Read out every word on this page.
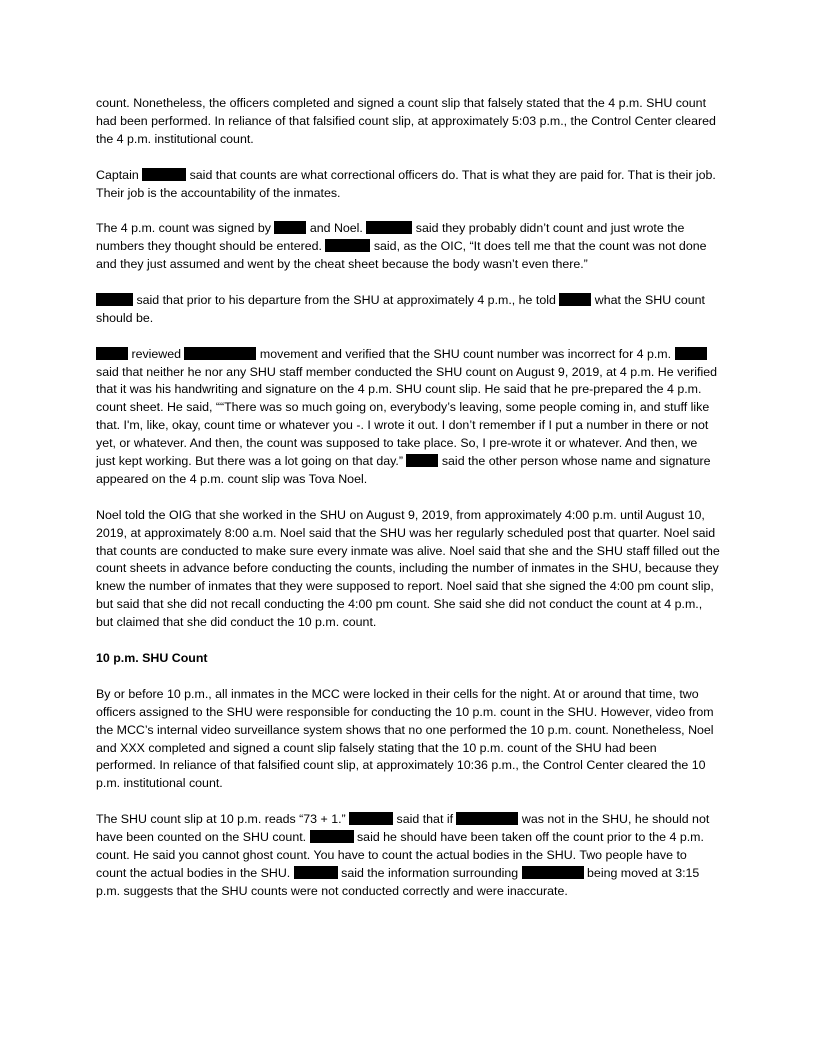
count. Nonetheless, the officers completed and signed a count slip that falsely stated that the 4 p.m. SHU count had been performed. In reliance of that falsified count slip, at approximately 5:03 p.m., the Control Center cleared the 4 p.m. institutional count.

Captain	said that counts are what correctional officers do. That is what they are paid for. That is their job. Their job is the accountability of the inmates.

The 4 p.m. count was signed by	and Noel.	said they probably didn’t count and just wrote the numbers they thought should be entered.	said, as the OIC, “It does tell me that the count was not done and they just assumed and went by the cheat sheet because the body wasn’t even there.”

said that prior to his departure from the SHU at approximately 4 p.m., he told	what the SHU count should be.

reviewed	movement and verified that the SHU count number was incorrect for 4 p.m.  said that neither he nor any SHU staff member conducted the SHU count on August 9, 2019, at 4 p.m. He verified that it was his handwriting and signature on the 4 p.m. SHU count slip. He said that he pre-prepared the 4 p.m. count sheet. He said, ““There was so much going on, everybody’s leaving, some people coming in, and stuff like that. I'm, like, okay, count time or whatever you -. I wrote it out. I don’t remember if I put a number in there or not yet, or whatever. And then, the count was supposed to take place. So, I pre-wrote it or whatever. And then, we just kept working. But there was a lot going on that day.”	said the other person whose name and signature appeared on the 4 p.m. count slip was Tova Noel.

Noel told the OIG that she worked in the SHU on August 9, 2019, from approximately 4:00 p.m. until August 10, 2019, at approximately 8:00 a.m. Noel said that the SHU was her regularly scheduled post that quarter. Noel said that counts are conducted to make sure every inmate was alive. Noel said that she and the SHU staff filled out the count sheets in advance before conducting the counts, including the number of inmates in the SHU, because they knew the number of inmates that they were supposed to report. Noel said that she signed the 4:00 pm count slip, but said that she did not recall conducting the 4:00 pm count. She said she did not conduct the count at 4 p.m., but claimed that she did conduct the 10 p.m. count.

10 p.m. SHU Count

By or before 10 p.m., all inmates in the MCC were locked in their cells for the night. At or around that time, two officers assigned to the SHU were responsible for conducting the 10 p.m. count in the SHU. However, video from the MCC’s internal video surveillance system shows that no one performed the 10 p.m. count. Nonetheless, Noel and XXX completed and signed a count slip falsely stating that the 10 p.m. count of the SHU had been performed. In reliance of that falsified count slip, at approximately 10:36 p.m., the Control Center cleared the 10 p.m. institutional count.

The SHU count slip at 10 p.m. reads “73 + 1.”	said that if	was not in the SHU, he should not have been counted on the SHU count.	said he should have been taken off the count prior to the 4 p.m. count. He said you cannot ghost count. You have to count the actual bodies in the SHU. Two people have to count the actual bodies in the SHU.	said the information surrounding	being moved at 3:15 p.m. suggests that the SHU counts were not conducted correctly and were inaccurate.
